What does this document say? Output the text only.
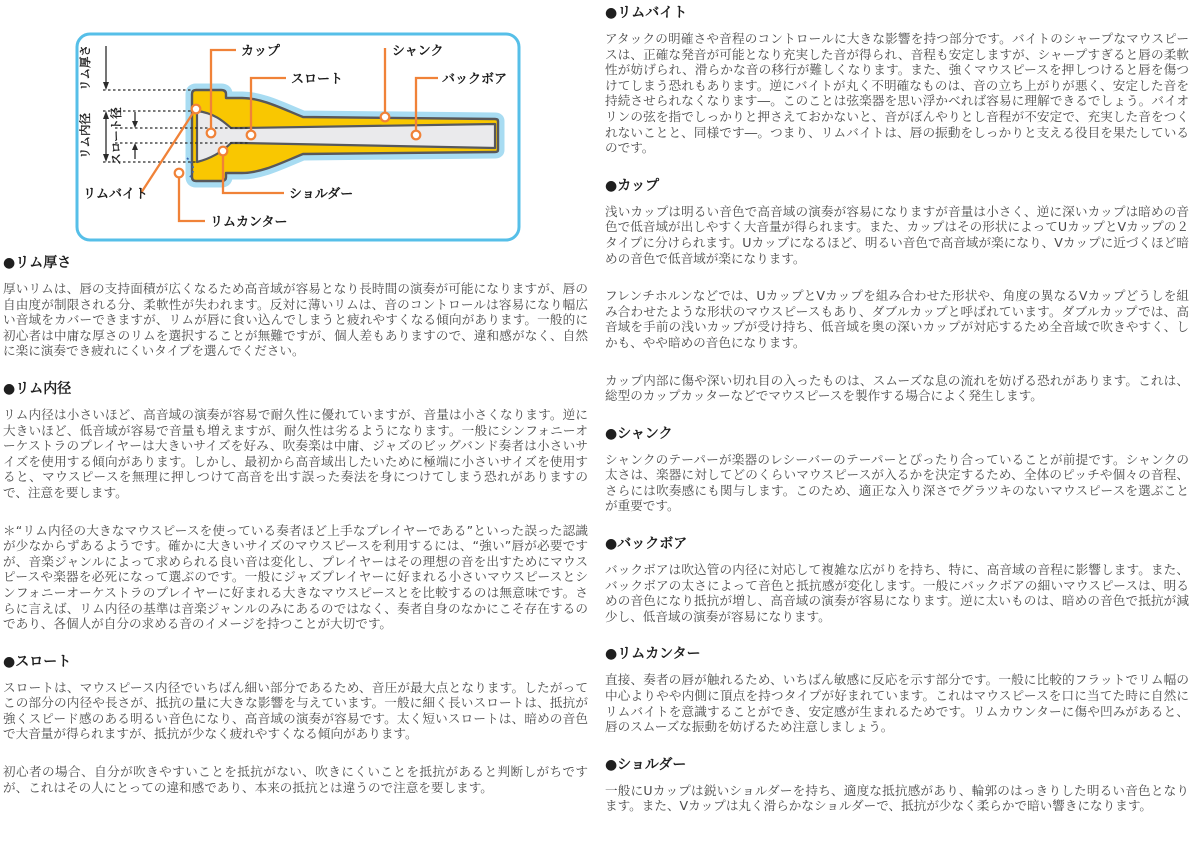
リム厚さ
リム内径 スロート径
カップ
スロート
シャンク
バックボア
リムバイト	ショルダー
リムカンター
●リム厚さ

厚いリムは、唇の支持面積が広くなるため高音域が容易となり長時間の演奏が可能になりますが、唇の自由度が制限される分、柔軟性が失われます。反対に薄いリムは、音のコントロールは容易になり幅広い音域をカバーできますが、リムが唇に食い込んでしまうと疲れやすくなる傾向があります。一般的に初心者は中庸な厚さのリムを選択することが無難ですが、個人差もありますので、違和感がなく、自然に楽に演奏でき疲れにくいタイプを選んでください。

●リム内径

リム内径は小さいほど、高音域の演奏が容易で耐久性に優れていますが、音量は小さくなります。逆に大きいほど、低音域が容易で音量も増えますが、耐久性は劣るようになります。一般にシンフォニーオーケストラのプレイヤーは大きいサイズを好み、吹奏楽は中庸、ジャズのビッグバンド奏者は小さいサイズを使用する傾向があります。しかし、最初から高音域出したいために極端に小さいサイズを使用すると、マウスピースを無理に押しつけて高音を出す誤った奏法を身につけてしまう恐れがありますので、注意を要します。

＊“リム内径の大きなマウスピースを使っている奏者ほど上手なプレイヤーである”といった誤った認識が少なからずあるようです。確かに大きいサイズのマウスピースを利用するには、“強い”唇が必要ですが、音楽ジャンルによって求められる良い音は変化し、プレイヤーはその理想の音を出すためにマウスピースや楽器を必死になって選ぶのです。一般にジャズプレイヤーに好まれる小さいマウスピースとシンフォニーオーケストラのプレイヤーに好まれる大きなマウスピースとを比較するのは無意味です。さらに言えば、リム内径の基準は音楽ジャンルのみにあるのではなく、奏者自身のなかにこそ存在するのであり、各個人が自分の求める音のイメージを持つことが大切です。

●スロート

スロートは、マウスピース内径でいちばん細い部分であるため、音圧が最大点となります。したがってこの部分の内径や長さが、抵抗の量に大きな影響を与えています。一般に細く長いスロートは、抵抗が強くスピード感のある明るい音色になり、高音域の演奏が容易です。太く短いスロートは、暗めの音色で大音量が得られますが、抵抗が少なく疲れやすくなる傾向があります。

初心者の場合、自分が吹きやすいことを抵抗がない、吹きにくいことを抵抗があると判断しがちですが、これはその人にとっての違和感であり、本来の抵抗とは違うので注意を要します。

●リムバイト

アタックの明確さや音程のコントロールに大きな影響を持つ部分です。バイトのシャープなマウスピースは、正確な発音が可能となり充実した音が得られ、音程も安定しますが、シャープすぎると唇の柔軟性が妨げられ、滑らかな音の移行が難しくなります。また、強くマウスピースを押しつけると唇を傷つけてしまう恐れもあります。逆にバイトが丸く不明確なものは、音の立ち上がりが悪く、安定した音を持続させられなくなります―。このことは弦楽器を思い浮かべれば容易に理解できるでしょう。バイオリンの弦を指でしっかりと押さえておかないと、音がぼんやりとし音程が不安定で、充実した音をつくれないことと、同様です―。つまり、リムバイトは、唇の振動をしっかりと支える役目を果たしているのです。

●カップ

浅いカップは明るい音色で高音域の演奏が容易になりますが音量は小さく、逆に深いカップは暗めの音色で低音域が出しやすく大音量が得られます。また、カップはその形状によってUカップとVカップの２タイプに分けられます。Uカップになるほど、明るい音色で高音域が楽になり、Vカップに近づくほど暗めの音色で低音域が楽になります。

フレンチホルンなどでは、UカップとVカップを組み合わせた形状や、角度の異なるVカップどうしを組み合わせたような形状のマウスピースもあり、ダブルカップと呼ばれています。ダブルカップでは、高音域を手前の浅いカップが受け持ち、低音域を奥の深いカップが対応するため全音域で吹きやすく、しかも、やや暗めの音色になります。

カップ内部に傷や深い切れ目の入ったものは、スムーズな息の流れを妨げる恐れがあります。これは、総型のカップカッターなどでマウスピースを製作する場合によく発生します。

●シャンク

シャンクのテーパーが楽器のレシーバーのテーパーとぴったり合っていることが前提です。シャンクの太さは、楽器に対してどのくらいマウスピースが入るかを決定するため、全体のピッチや個々の音程、さらには吹奏感にも関与します。このため、適正な入り深さでグラツキのないマウスピースを選ぶことが重要です。

●バックボア

バックボアは吹込管の内径に対応して複雑な広がりを持ち、特に、高音域の音程に影響します。また、バックボアの太さによって音色と抵抗感が変化します。一般にバックボアの細いマウスピースは、明るめの音色になり抵抗が増し、高音域の演奏が容易になります。逆に太いものは、暗めの音色で抵抗が減少し、低音域の演奏が容易になります。

●リムカンター

直接、奏者の唇が触れるため、いちばん敏感に反応を示す部分です。一般に比較的フラットでリム幅の中心よりやや内側に頂点を持つタイプが好まれています。これはマウスピースを口に当てた時に自然にリムバイトを意識することができ、安定感が生まれるためです。リムカウンターに傷や凹みがあると、唇のスムーズな振動を妨げるため注意しましょう。

●ショルダー

一般にUカップは鋭いショルダーを持ち、適度な抵抗感があり、輪郭のはっきりした明るい音色となります。また、Vカップは丸く滑らかなショルダーで、抵抗が少なく柔らかで暗い響きになります。
